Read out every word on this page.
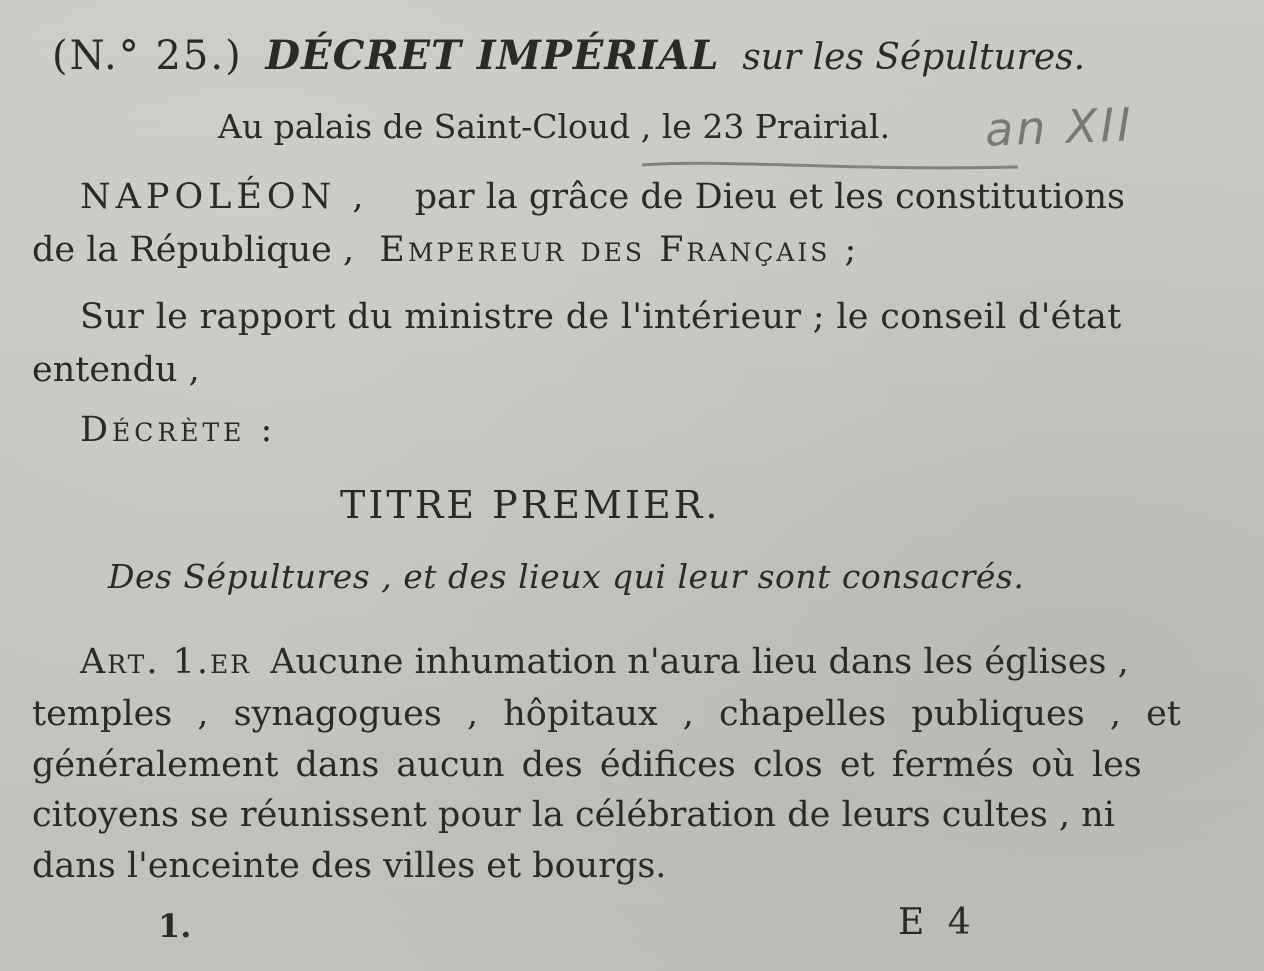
(N.° 25.) DÉCRET IMPÉRIAL sur les Sépultures.
Au palais de Saint-Cloud , le 23 Prairial. an XII
NAPOLÉON , par la grâce de Dieu et les constitutions
de la République , Empereur des Français ;
Sur le rapport du ministre de l'intérieur ; le conseil d'état
entendu ,
Décrète :
TITRE PREMIER.
Des Sépultures , et des lieux qui leur sont consacrés.
Art. 1.er Aucune inhumation n'aura lieu dans les églises ,
temples , synagogues , hôpitaux , chapelles publiques , et
généralement dans aucun des édifices clos et fermés où les
citoyens se réunissent pour la célébration de leurs cultes , ni
dans l'enceinte des villes et bourgs.
1.	E 4
